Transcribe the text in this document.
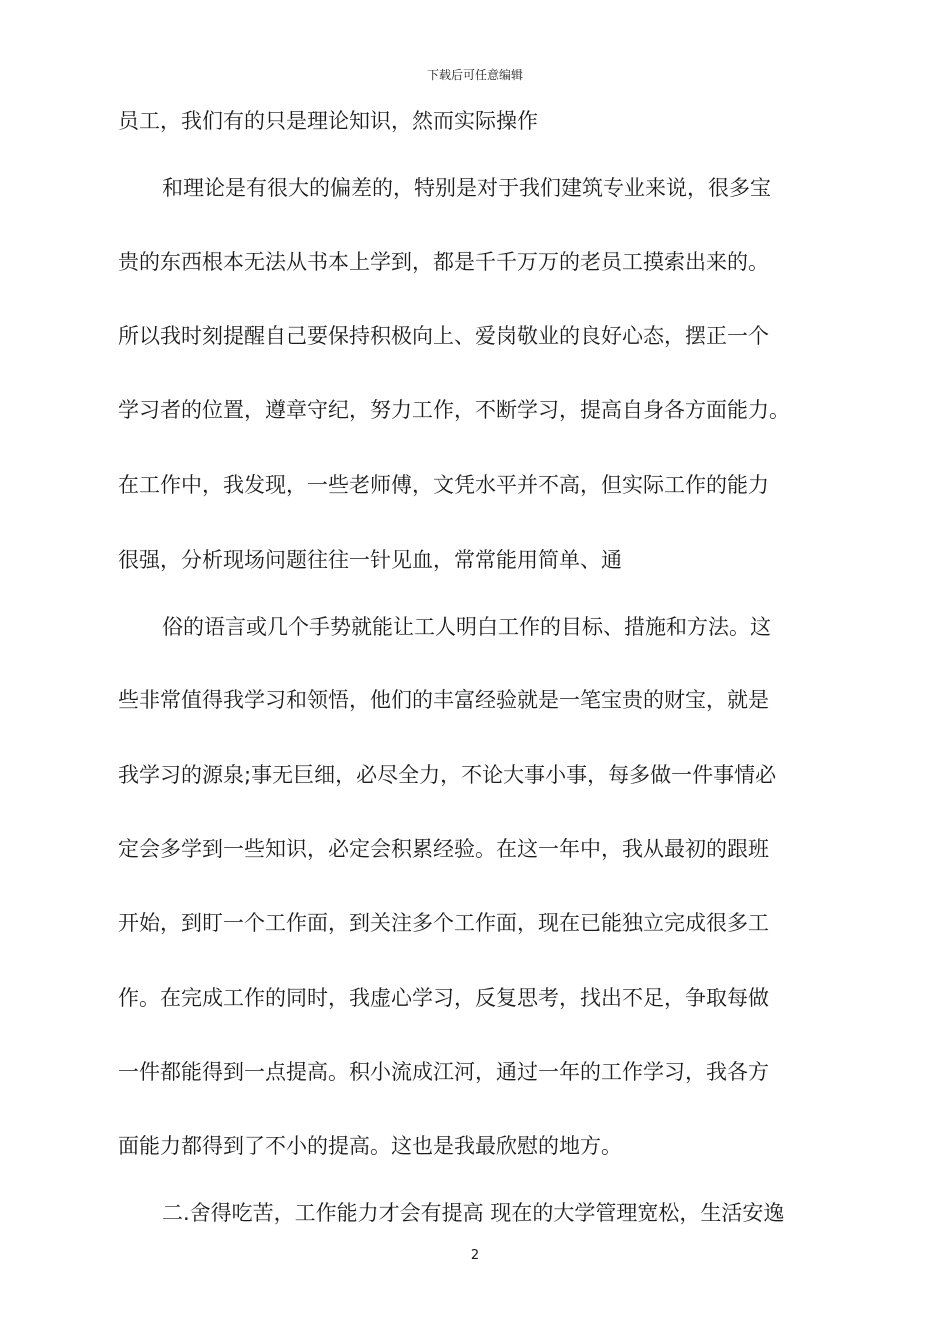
下载后可任意编辑
员工，我们有的只是理论知识，然而实际操作
和理论是有很大的偏差的，特别是对于我们建筑专业来说，很多宝
贵的东西根本无法从书本上学到，都是千千万万的老员工摸索出来的。
所以我时刻提醒自己要保持积极向上、爱岗敬业的良好心态，摆正一个
学习者的位置，遵章守纪，努力工作，不断学习，提高自身各方面能力。
在工作中，我发现，一些老师傅，文凭水平并不高，但实际工作的能力
很强，分析现场问题往往一针见血，常常能用简单、通
俗的语言或几个手势就能让工人明白工作的目标、措施和方法。这
些非常值得我学习和领悟，他们的丰富经验就是一笔宝贵的财宝，就是
我学习的源泉;事无巨细，必尽全力，不论大事小事，每多做一件事情必
定会多学到一些知识，必定会积累经验。在这一年中，我从最初的跟班
开始，到盯一个工作面，到关注多个工作面，现在已能独立完成很多工
作。在完成工作的同时，我虚心学习，反复思考，找出不足，争取每做
一件都能得到一点提高。积小流成江河，通过一年的工作学习，我各方
面能力都得到了不小的提高。这也是我最欣慰的地方。
二.舍得吃苦，工作能力才会有提高 现在的大学管理宽松，生活安逸
2
